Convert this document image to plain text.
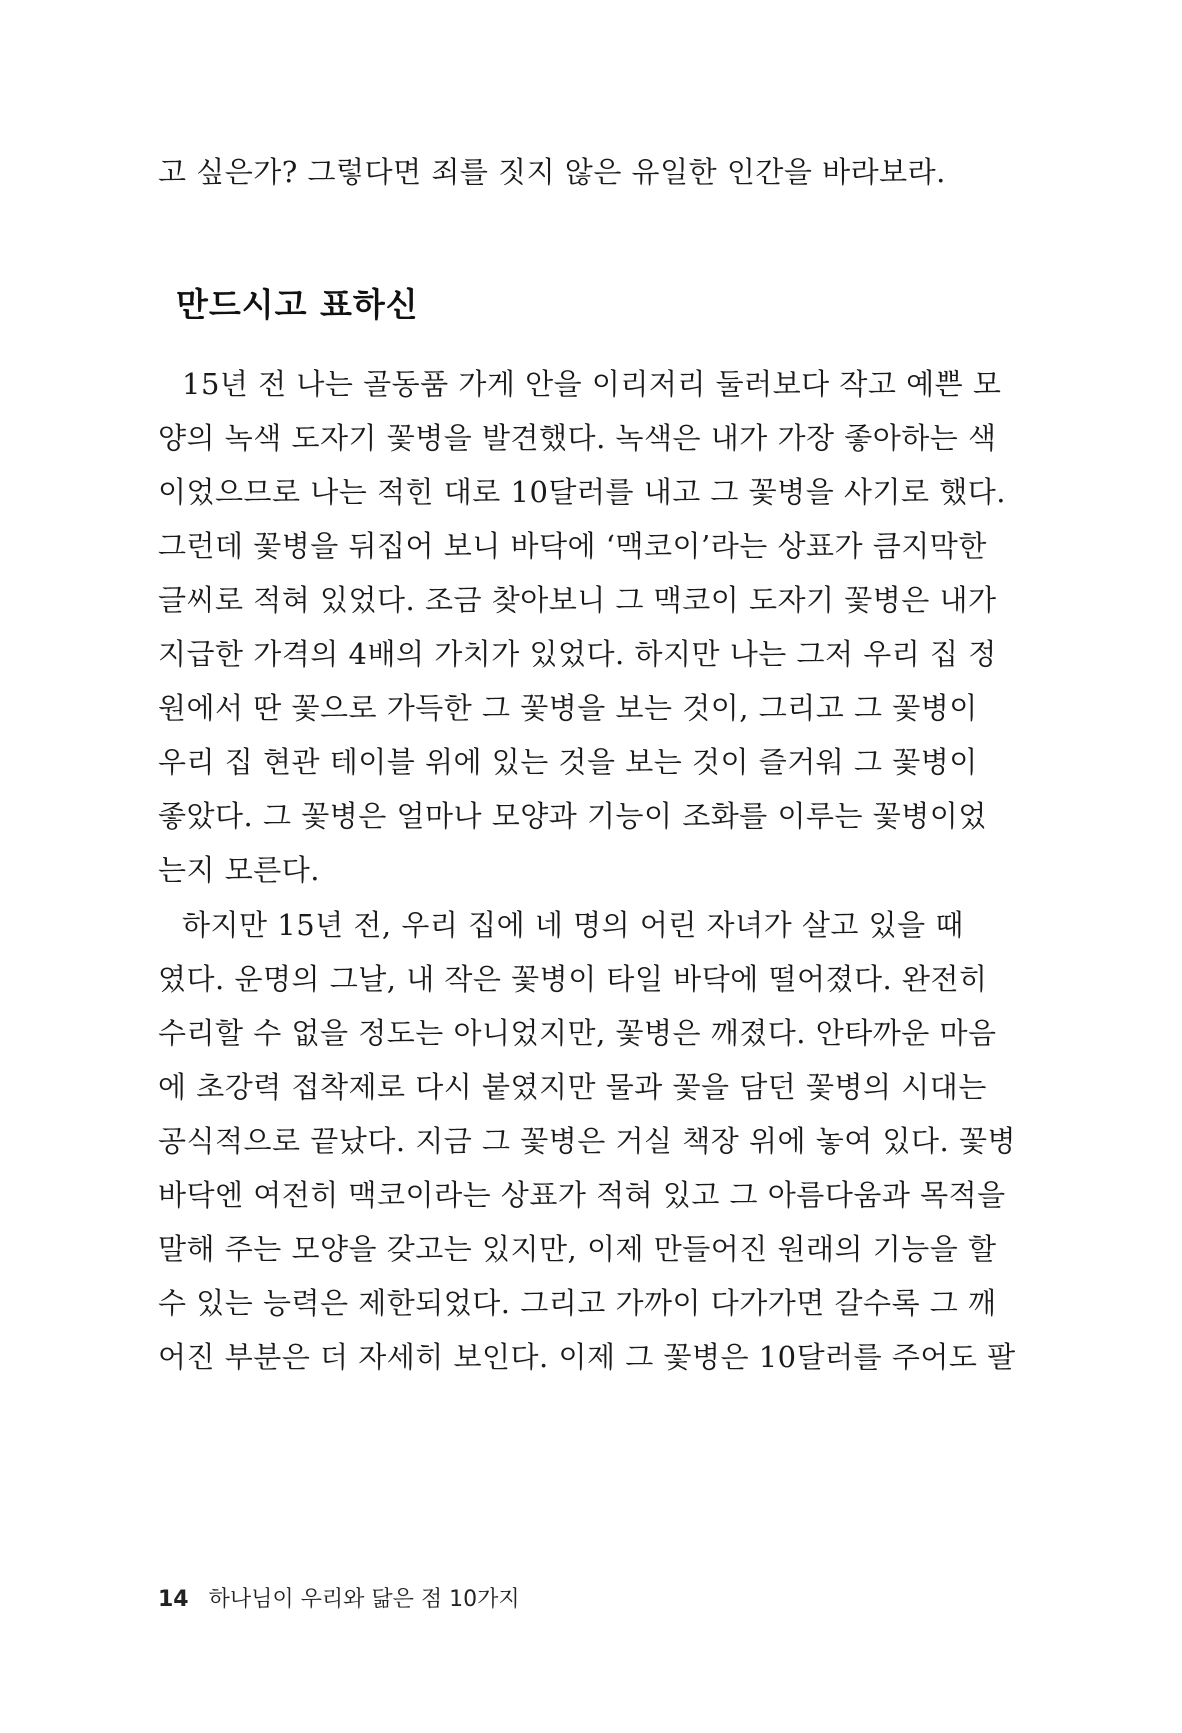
고 싶은가? 그렇다면 죄를 짓지 않은 유일한 인간을 바라보라.
만드시고 표하신
15년 전 나는 골동품 가게 안을 이리저리 둘러보다 작고 예쁜 모
양의 녹색 도자기 꽃병을 발견했다. 녹색은 내가 가장 좋아하는 색
이었으므로 나는 적힌 대로 10달러를 내고 그 꽃병을 사기로 했다.
그런데 꽃병을 뒤집어 보니 바닥에 ‘맥코이’라는 상표가 큼지막한
글씨로 적혀 있었다. 조금 찾아보니 그 맥코이 도자기 꽃병은 내가
지급한 가격의 4배의 가치가 있었다. 하지만 나는 그저 우리 집 정
원에서 딴 꽃으로 가득한 그 꽃병을 보는 것이, 그리고 그 꽃병이
우리 집 현관 테이블 위에 있는 것을 보는 것이 즐거워 그 꽃병이
좋았다. 그 꽃병은 얼마나 모양과 기능이 조화를 이루는 꽃병이었
는지 모른다.
하지만 15년 전, 우리 집에 네 명의 어린 자녀가 살고 있을 때
였다. 운명의 그날, 내 작은 꽃병이 타일 바닥에 떨어졌다. 완전히
수리할 수 없을 정도는 아니었지만, 꽃병은 깨졌다. 안타까운 마음
에 초강력 접착제로 다시 붙였지만 물과 꽃을 담던 꽃병의 시대는
공식적으로 끝났다. 지금 그 꽃병은 거실 책장 위에 놓여 있다. 꽃병
바닥엔 여전히 맥코이라는 상표가 적혀 있고 그 아름다움과 목적을
말해 주는 모양을 갖고는 있지만, 이제 만들어진 원래의 기능을 할
수 있는 능력은 제한되었다. 그리고 가까이 다가가면 갈수록 그 깨
어진 부분은 더 자세히 보인다. 이제 그 꽃병은 10달러를 주어도 팔
14 하나님이 우리와 닮은 점 10가지
